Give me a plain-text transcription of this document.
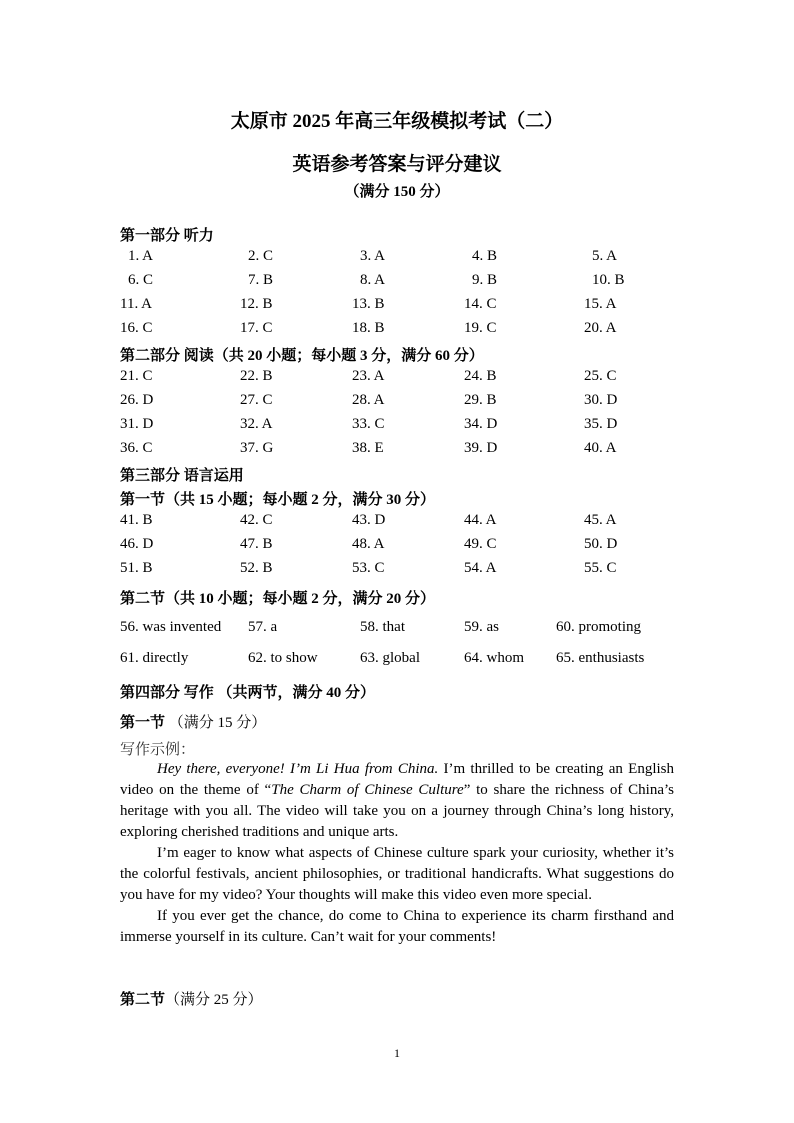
太原市 2025 年高三年级模拟考试（二）
英语参考答案与评分建议
（满分 150 分）
第一部分 听力
1. A	2. C	3. A	4. B	5. A
6. C	7. B	8. A	9. B	10. B
11. A	12. B	13. B	14. C	15. A
16. C	17. C	18. B	19. C	20. A
第二部分 阅读（共 20 小题；每小题 3 分，满分 60 分）
21. C	22. B	23. A	24. B	25. C
26. D	27. C	28. A	29. B	30. D
31. D	32. A	33. C	34. D	35. D
36. C	37. G	38. E	39. D	40. A
第三部分 语言运用
第一节（共 15 小题；每小题 2 分，满分 30 分）
41. B	42. C	43. D	44. A	45. A
46. D	47. B	48. A	49. C	50. D
51. B	52. B	53. C	54. A	55. C
第二节（共 10 小题；每小题 2 分，满分 20 分）
56. was invented 57. a	58. that	59. as	60. promoting
61. directly	62. to show	63. global	64. whom 65. enthusiasts
第四部分 写作 （共两节，满分 40 分）
第一节 （满分 15 分）
写作示例：

Hey there, everyone! I’m Li Hua from China. I’m thrilled to be creating an English video on the theme of “The Charm of Chinese Culture” to share the richness of China’s heritage with you all. The video will take you on a journey through China’s long history, exploring cherished traditions and unique arts.

I’m eager to know what aspects of Chinese culture spark your curiosity, whether it’s the colorful festivals, ancient philosophies, or traditional handicrafts. What suggestions do you have for my video? Your thoughts will make this video even more special.

If you ever get the chance, do come to China to experience its charm firsthand and immerse yourself in its culture. Can’t wait for your comments!

第二节（满分 25 分）
1
